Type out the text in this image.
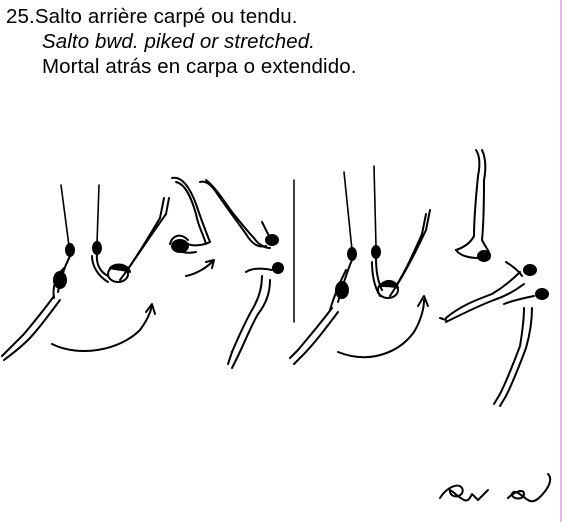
25.Salto arrière carpé ou tendu.
Salto bwd. piked or stretched.
Mortal atrás en carpa o extendido.
